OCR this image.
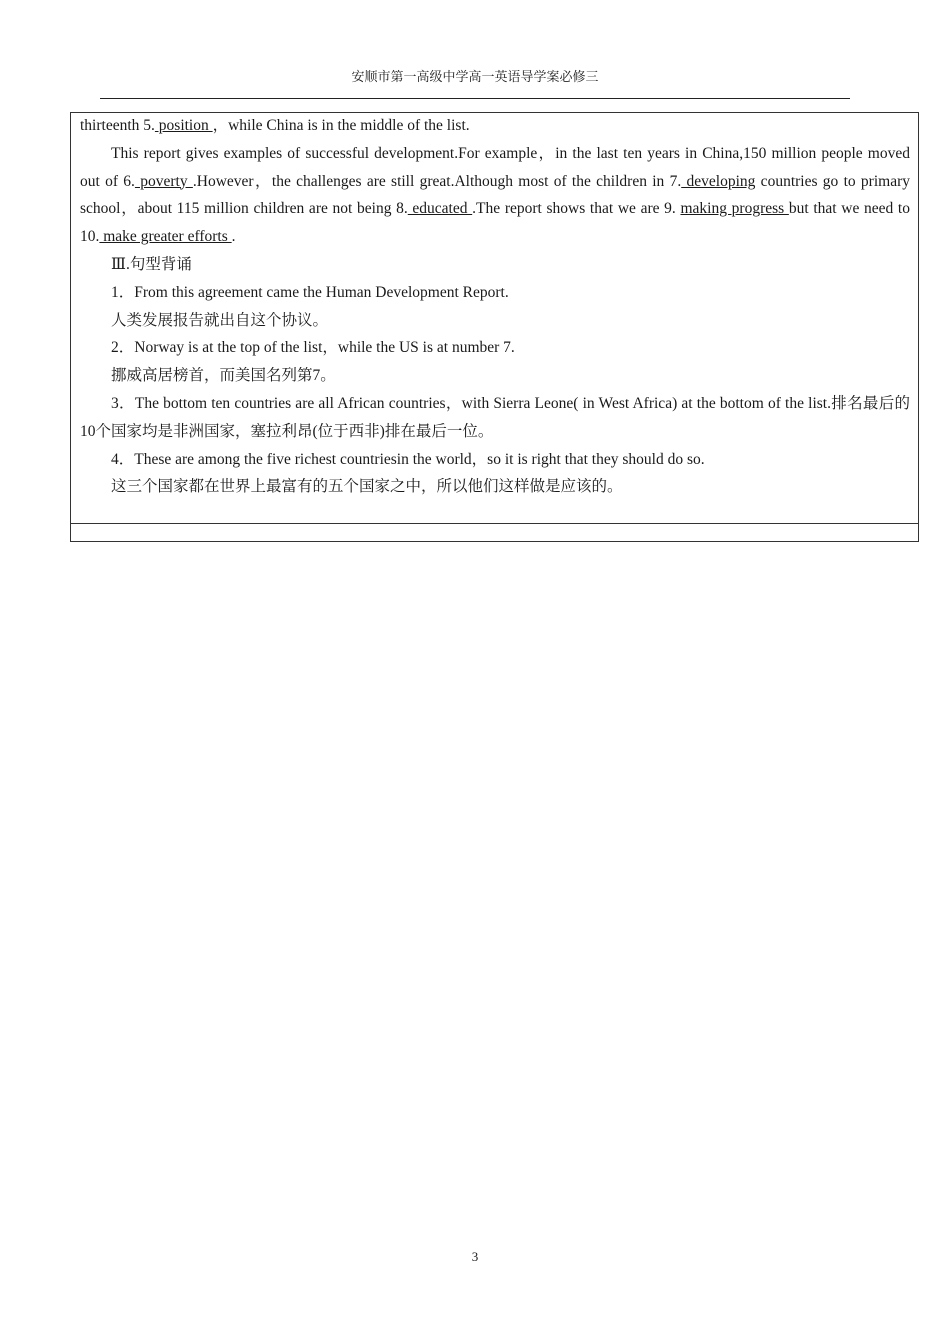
安顺市第一高级中学高一英语导学案必修三

thirteenth 5. position ，while China is in the middle of the list.

This report gives examples of successful development.For example，in the last ten years in China,150 million people moved out of 6. poverty .However，the challenges are still great.Although most of the children in 7. developing countries go to primary school，about 115 million children are not being 8. educated .The report shows that we are 9. making progress but that we need to 10. make greater efforts .

Ⅲ.句型背诵

1．From this agreement came the Human Development Report.

人类发展报告就出自这个协议。

2．Norway is at the top of the list，while the US is at number 7.

挪威高居榜首，而美国名列第7。

3．The bottom ten countries are all African countries，with Sierra Leone( in West Africa) at the bottom of the list.排名最后的10个国家均是非洲国家，塞拉利昂(位于西非)排在最后一位。

4．These are among the five richest countriesin the world，so it is right that they should do so.

这三个国家都在世界上最富有的五个国家之中，所以他们这样做是应该的。

3
